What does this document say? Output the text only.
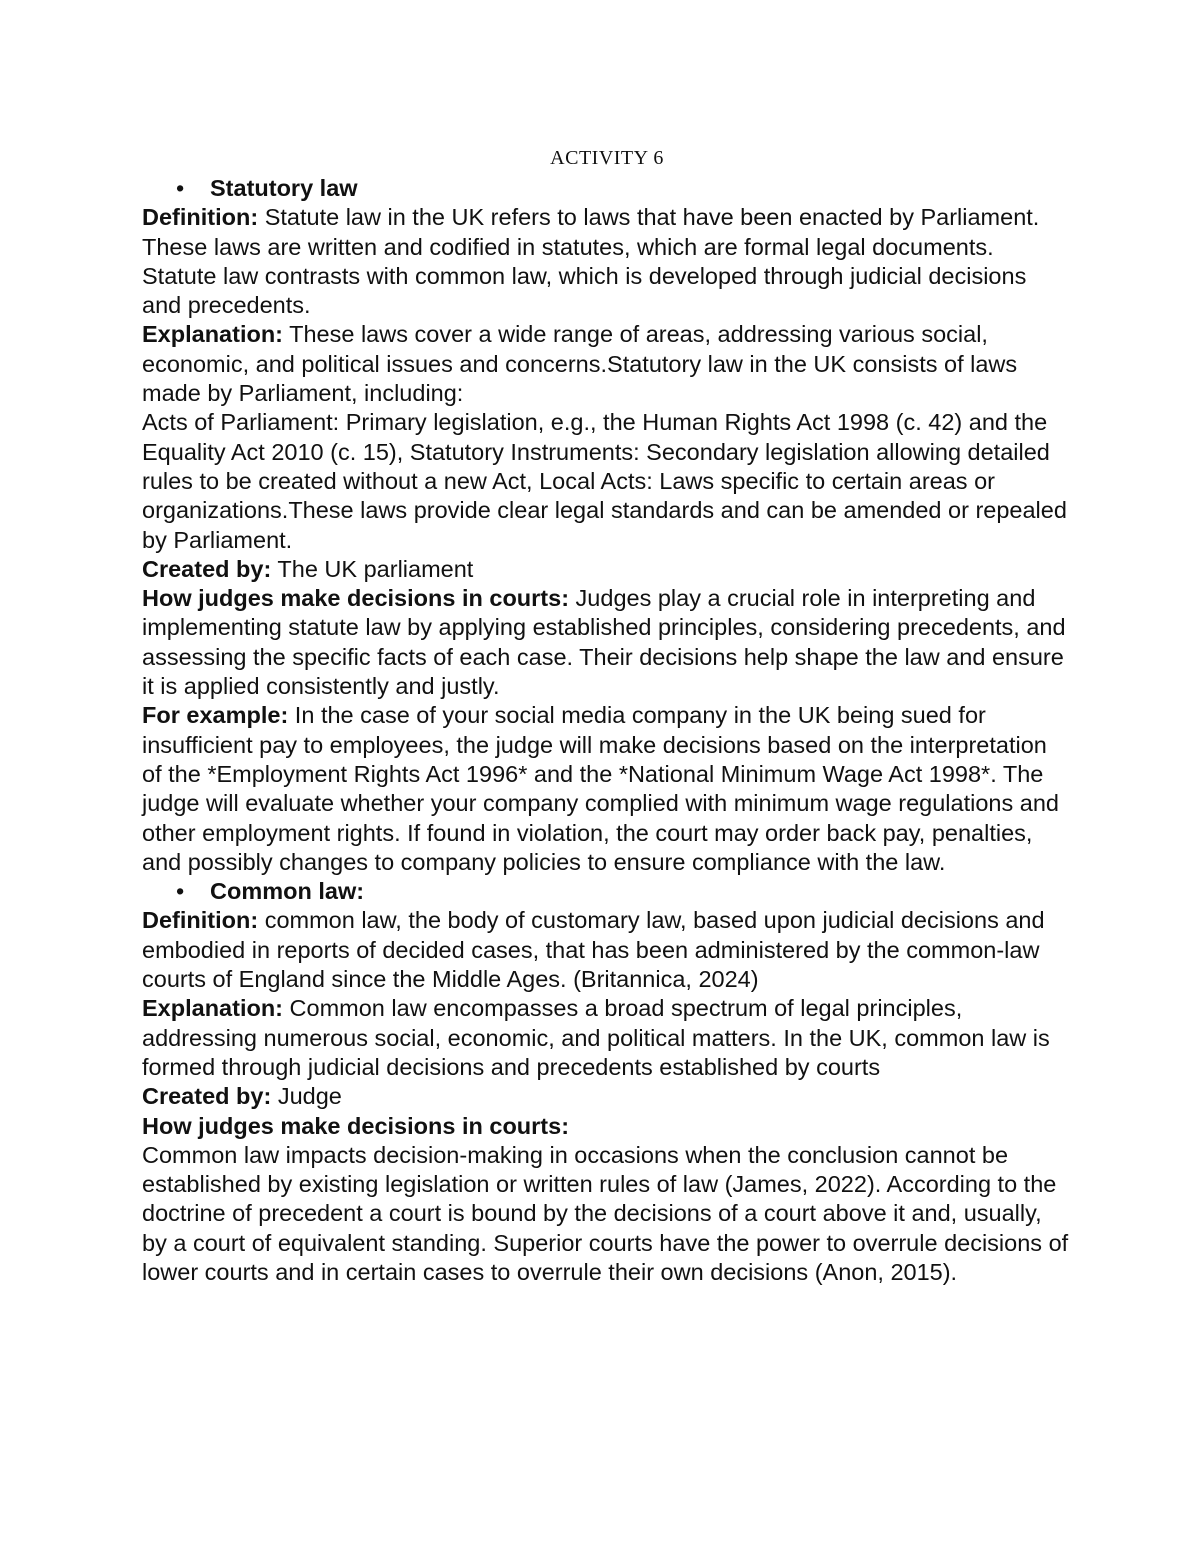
ACTIVITY 6
•	Statutory law

Definition: Statute law in the UK refers to laws that have been enacted by Parliament. These laws are written and codified in statutes, which are formal legal documents. Statute law contrasts with common law, which is developed through judicial decisions and precedents.

Explanation: These laws cover a wide range of areas, addressing various social, economic, and political issues and concerns.Statutory law in the UK consists of laws made by Parliament, including:

Acts of Parliament: Primary legislation, e.g., the Human Rights Act 1998 (c. 42) and the Equality Act 2010 (c. 15), Statutory Instruments: Secondary legislation allowing detailed rules to be created without a new Act, Local Acts: Laws specific to certain areas or organizations.These laws provide clear legal standards and can be amended or repealed by Parliament.

Created by: The UK parliament

How judges make decisions in courts: Judges play a crucial role in interpreting and implementing statute law by applying established principles, considering precedents, and assessing the specific facts of each case. Their decisions help shape the law and ensure it is applied consistently and justly.

For example: In the case of your social media company in the UK being sued for insufficient pay to employees, the judge will make decisions based on the interpretation of the *Employment Rights Act 1996* and the *National Minimum Wage Act 1998*. The judge will evaluate whether your company complied with minimum wage regulations and other employment rights. If found in violation, the court may order back pay, penalties, and possibly changes to company policies to ensure compliance with the law.

•	Common law:

Definition: common law, the body of customary law, based upon judicial decisions and embodied in reports of decided cases, that has been administered by the common-law courts of England since the Middle Ages. (Britannica, 2024)

Explanation: Common law encompasses a broad spectrum of legal principles, addressing numerous social, economic, and political matters. In the UK, common law is formed through judicial decisions and precedents established by courts

Created by: Judge

How judges make decisions in courts:

Common law impacts decision-making in occasions when the conclusion cannot be established by existing legislation or written rules of law (James, 2022). According to the doctrine of precedent a court is bound by the decisions of a court above it and, usually, by a court of equivalent standing. Superior courts have the power to overrule decisions of lower courts and in certain cases to overrule their own decisions (Anon, 2015).
